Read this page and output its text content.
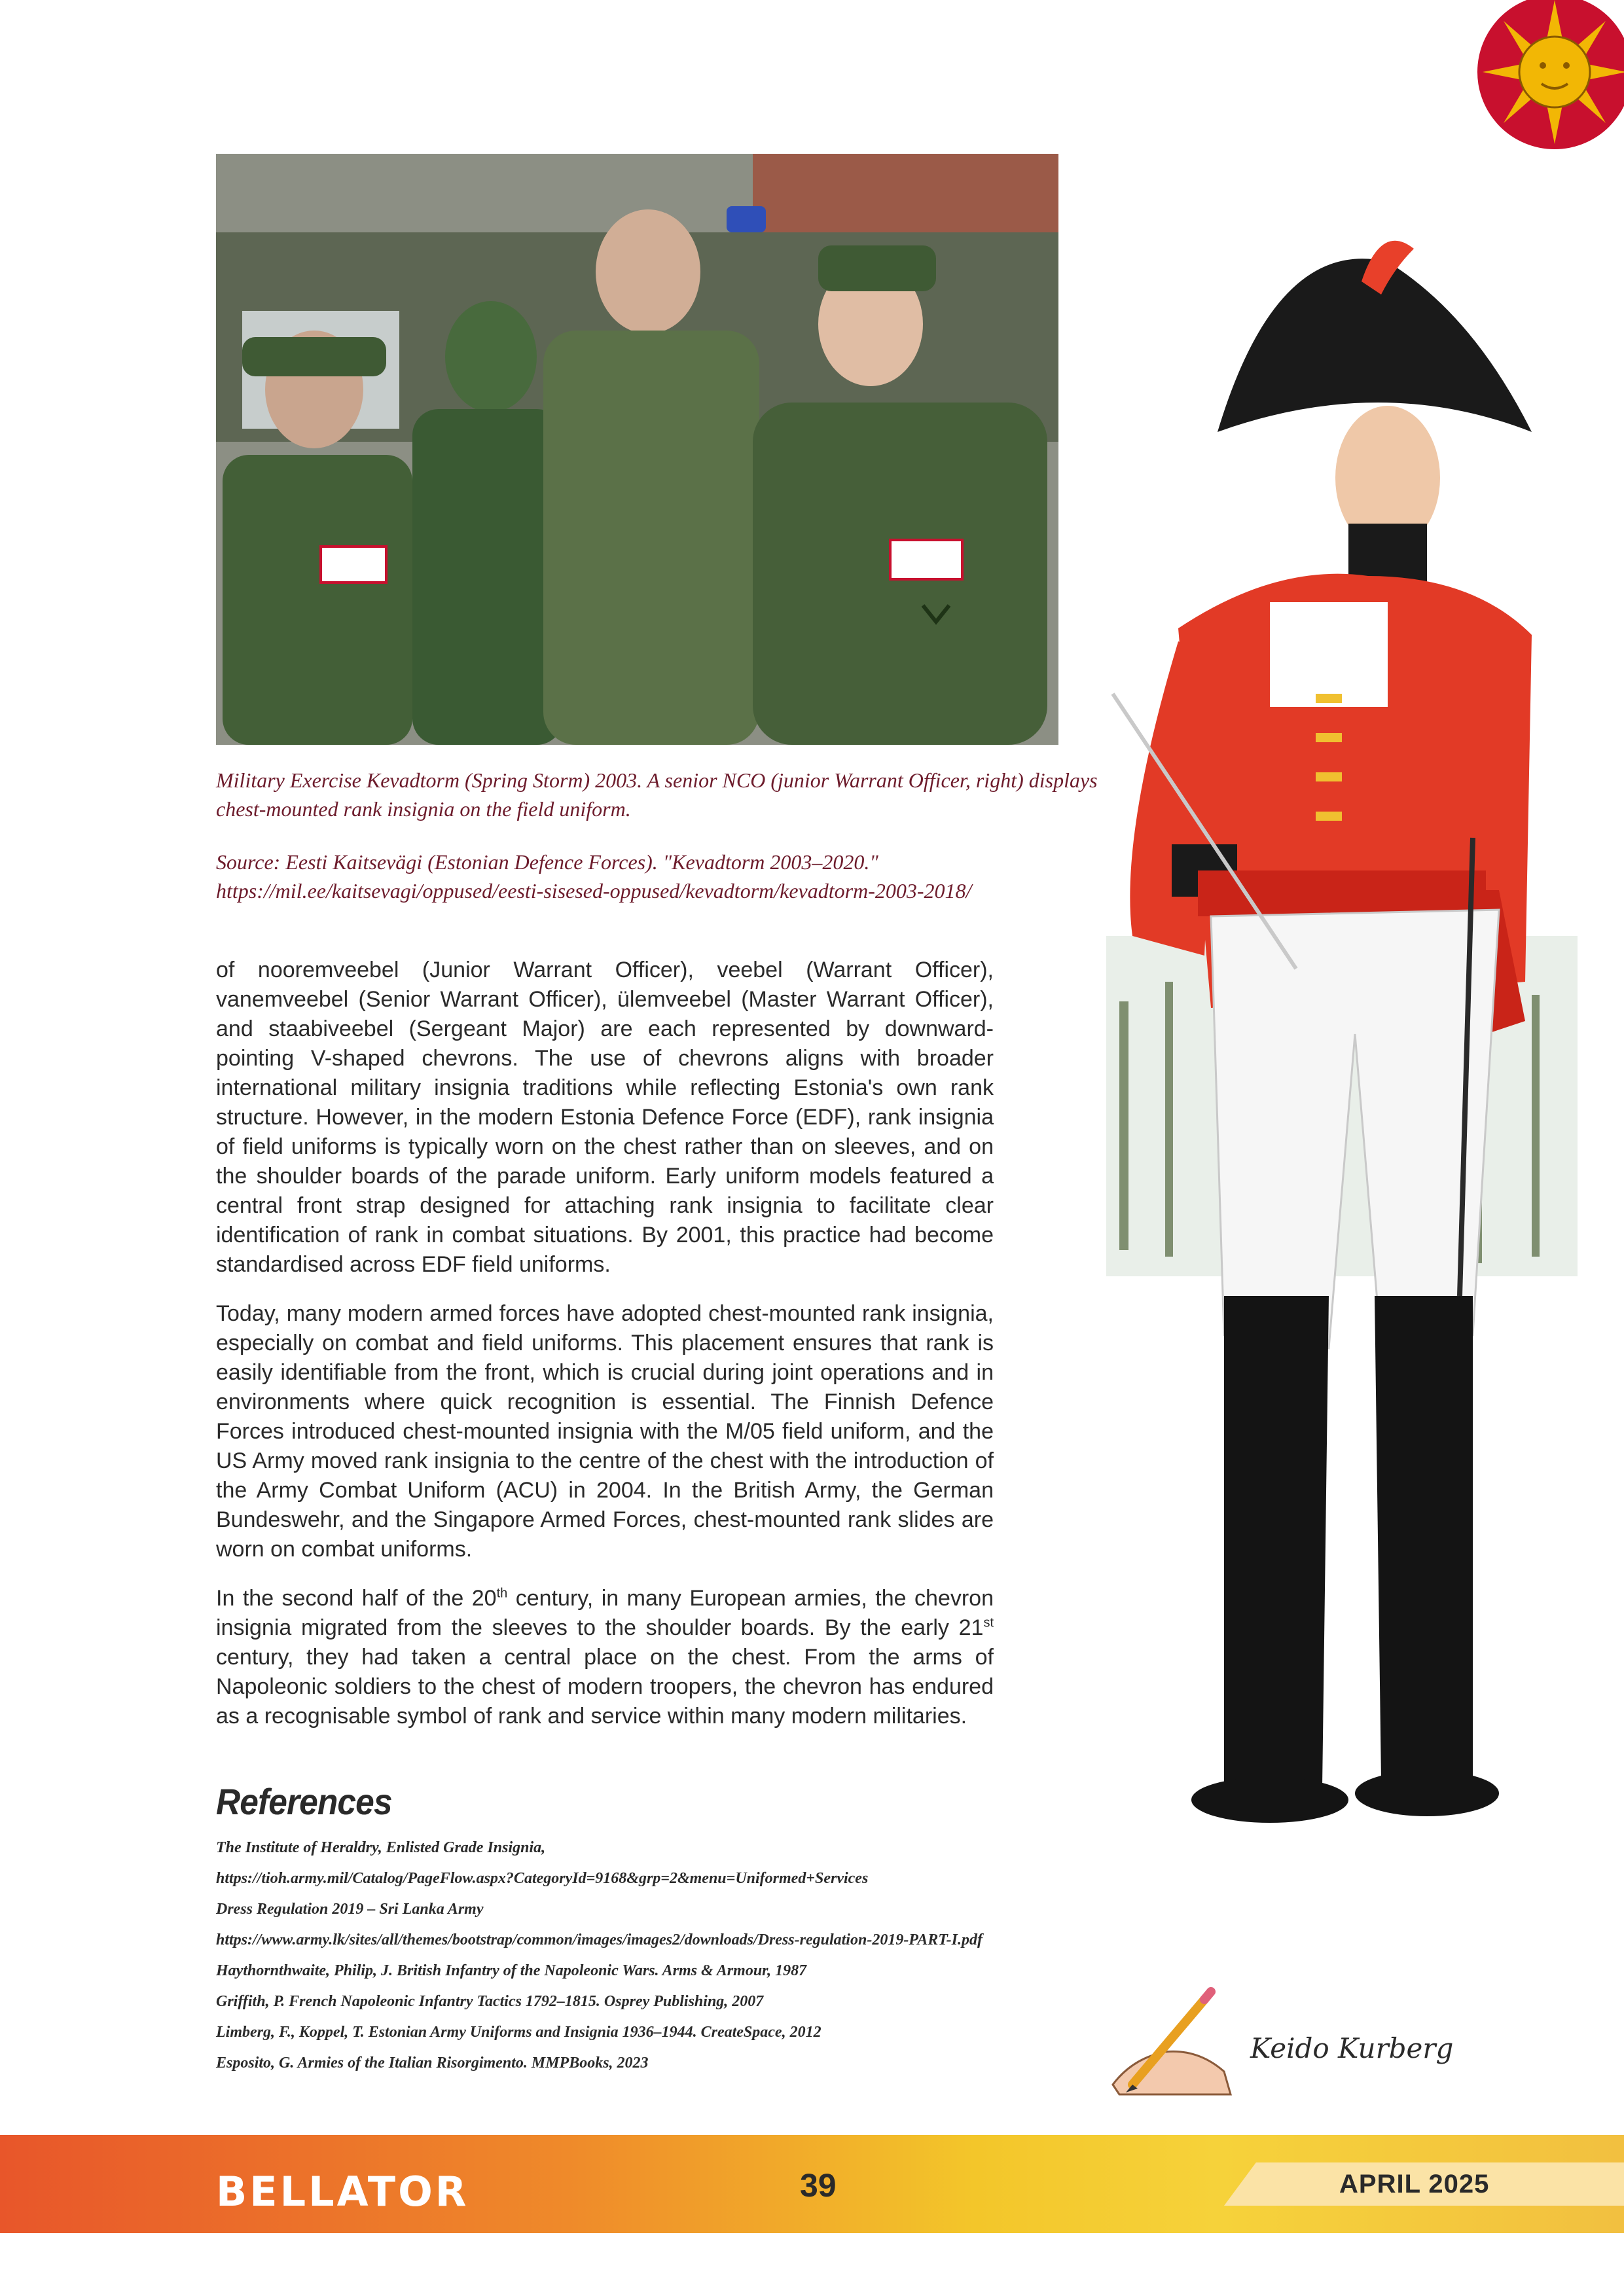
Military Exercise Kevadtorm (Spring Storm) 2003. A senior NCO (junior Warrant Officer, right) displays chest-mounted rank insignia on the field uniform.

Source: Eesti Kaitsevägi (Estonian Defence Forces). "Kevadtorm 2003–2020." https://mil.ee/kaitsevagi/oppused/eesti-sisesed-oppused/kevadtorm/kevadtorm-2003-2018/

of nooremveebel (Junior Warrant Officer), veebel (Warrant Officer), vanemveebel (Senior Warrant Officer), ülemveebel (Master Warrant Officer), and staabiveebel (Sergeant Major) are each represented by downward-pointing V-shaped chevrons. The use of chevrons aligns with broader international military insignia traditions while reflecting Estonia's own rank structure. However, in the modern Estonia Defence Force (EDF), rank insignia of field uniforms is typically worn on the chest rather than on sleeves, and on the shoulder boards of the parade uniform. Early uniform models featured a central front strap designed for attaching rank insignia to facilitate clear identification of rank in combat situations. By 2001, this practice had become standardised across EDF field uniforms.

Today, many modern armed forces have adopted chest-mounted rank insignia, especially on combat and field uniforms. This placement ensures that rank is easily identifiable from the front, which is crucial during joint operations and in environments where quick recognition is essential. The Finnish Defence Forces introduced chest-mounted insignia with the M/05 field uniform, and the US Army moved rank insignia to the centre of the chest with the introduction of the Army Combat Uniform (ACU) in 2004. In the British Army, the German Bundeswehr, and the Singapore Armed Forces, chest-mounted rank slides are worn on combat uniforms.

In the second half of the 20th century, in many European armies, the chevron insignia migrated from the sleeves to the shoulder boards. By the early 21st century, they had taken a central place on the chest. From the arms of Napoleonic soldiers to the chest of modern troopers, the chevron has endured as a recognisable symbol of rank and service within many modern militaries.

References
The Institute of Heraldry, Enlisted Grade Insignia,
https://tioh.army.mil/Catalog/PageFlow.aspx?CategoryId=9168&grp=2&menu=Uniformed+Services
Dress Regulation 2019 – Sri Lanka Army
https://www.army.lk/sites/all/themes/bootstrap/common/images/images2/downloads/Dress-regulation-2019-PART-I.pdf
Haythornthwaite, Philip, J. British Infantry of the Napoleonic Wars. Arms & Armour, 1987
Griffith, P. French Napoleonic Infantry Tactics 1792–1815. Osprey Publishing, 2007
Limberg, F., Koppel, T. Estonian Army Uniforms and Insignia 1936–1944. CreateSpace, 2012
Esposito, G. Armies of the Italian Risorgimento. MMPBooks, 2023	Keido Kurberg
BELLATOR	39	APRIL 2025
